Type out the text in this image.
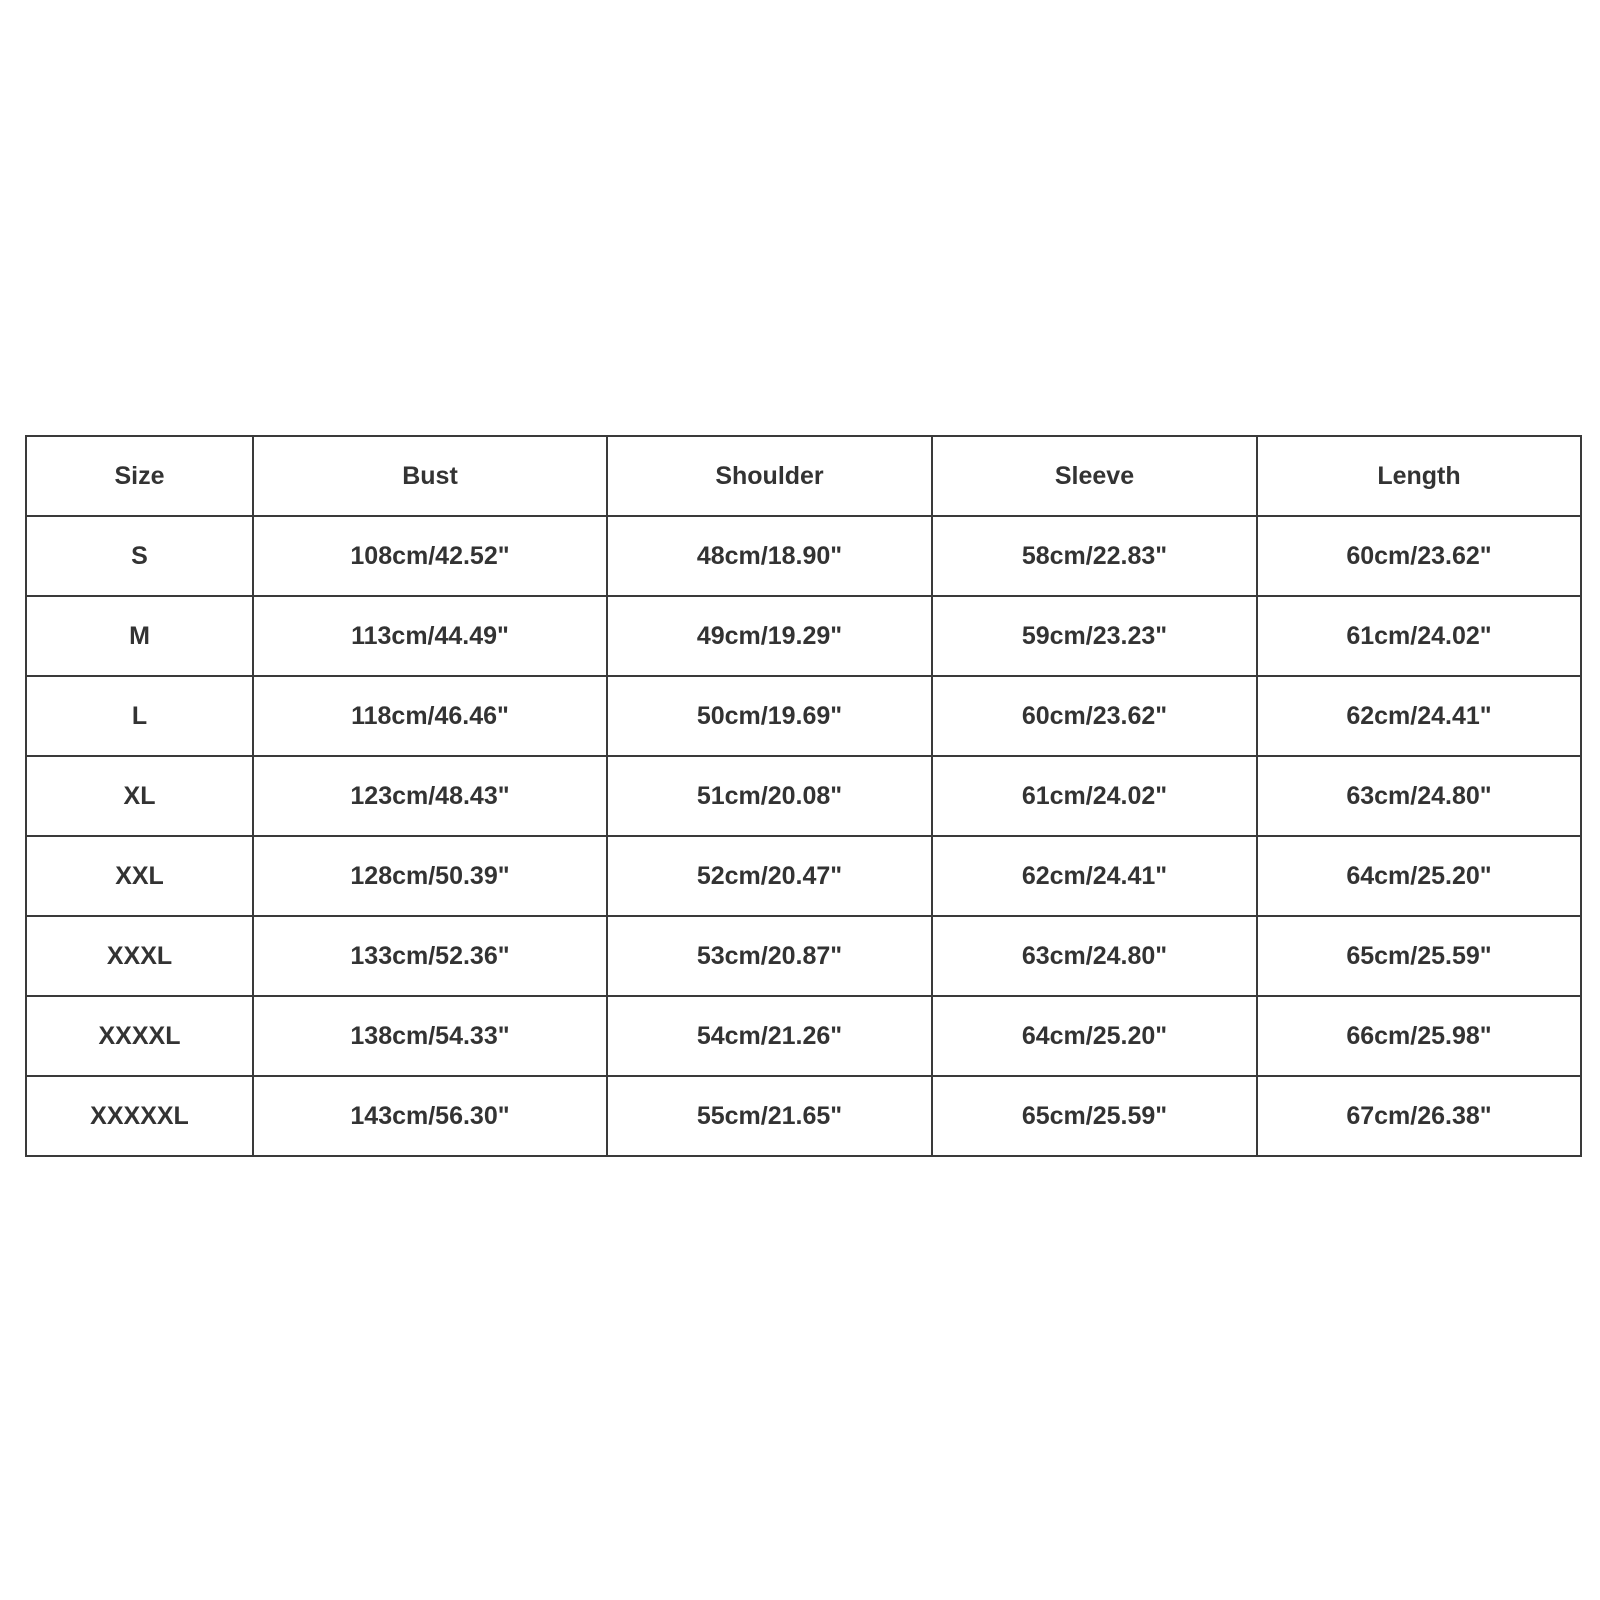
Size	Bust	Shoulder	Sleeve	Length
S	108cm/42.52"	48cm/18.90"	58cm/22.83"	60cm/23.62"
M	113cm/44.49"	49cm/19.29"	59cm/23.23"	61cm/24.02"
L	118cm/46.46"	50cm/19.69"	60cm/23.62"	62cm/24.41"
XL	123cm/48.43"	51cm/20.08"	61cm/24.02"	63cm/24.80"
XXL	128cm/50.39"	52cm/20.47"	62cm/24.41"	64cm/25.20"
XXXL	133cm/52.36"	53cm/20.87"	63cm/24.80"	65cm/25.59"
XXXXL	138cm/54.33"	54cm/21.26"	64cm/25.20"	66cm/25.98"
XXXXXL	143cm/56.30"	55cm/21.65"	65cm/25.59"	67cm/26.38"
